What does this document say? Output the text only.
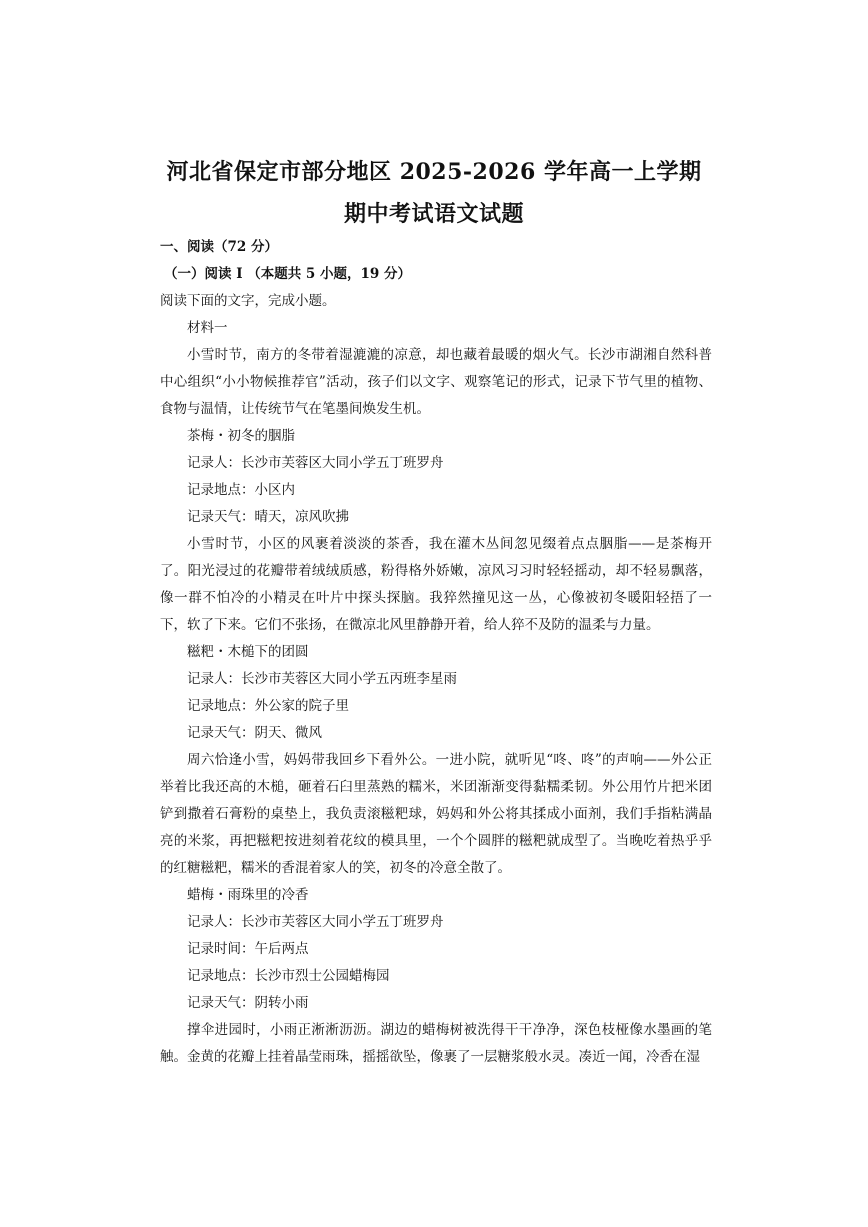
河北省保定市部分地区 2025-2026 学年高一上学期
期中考试语文试题

一、阅读（72 分）

（一）阅读 I （本题共 5 小题，19 分）

阅读下面的文字，完成小题。

材料一

小雪时节，南方的冬带着湿漉漉的凉意，却也藏着最暖的烟火气。长沙市湖湘自然科普中心组织“小小物候推荐官”活动，孩子们以文字、观察笔记的形式，记录下节气里的植物、食物与温情，让传统节气在笔墨间焕发生机。

茶梅・初冬的胭脂

记录人：长沙市芙蓉区大同小学五丁班罗舟

记录地点：小区内

记录天气：晴天，凉风吹拂

小雪时节，小区的风裹着淡淡的茶香，我在灌木丛间忽见缀着点点胭脂——是茶梅开了。阳光浸过的花瓣带着绒绒质感，粉得格外娇嫩，凉风习习时轻轻摇动，却不轻易飘落，像一群不怕冷的小精灵在叶片中探头探脑。我猝然撞见这一丛，心像被初冬暖阳轻捂了一下，软了下来。它们不张扬，在微凉北风里静静开着，给人猝不及防的温柔与力量。

糍粑・木槌下的团圆

记录人：长沙市芙蓉区大同小学五丙班李星雨

记录地点：外公家的院子里

记录天气：阴天、微风

周六恰逢小雪，妈妈带我回乡下看外公。一进小院，就听见“咚、咚”的声响——外公正举着比我还高的木槌，砸着石臼里蒸熟的糯米，米团渐渐变得黏糯柔韧。外公用竹片把米团铲到撒着石膏粉的桌垫上，我负责滚糍粑球，妈妈和外公将其揉成小面剂，我们手指粘满晶亮的米浆，再把糍粑按进刻着花纹的模具里，一个个圆胖的糍粑就成型了。当晚吃着热乎乎的红糖糍粑，糯米的香混着家人的笑，初冬的冷意全散了。

蜡梅・雨珠里的冷香

记录人：长沙市芙蓉区大同小学五丁班罗舟

记录时间：午后两点

记录地点：长沙市烈士公园蜡梅园

记录天气：阴转小雨

撑伞进园时，小雨正淅淅沥沥。湖边的蜡梅树被洗得干干净净，深色枝桠像水墨画的笔触。金黄的花瓣上挂着晶莹雨珠，摇摇欲坠，像裹了一层糖浆般水灵。凑近一闻，冷香在湿
